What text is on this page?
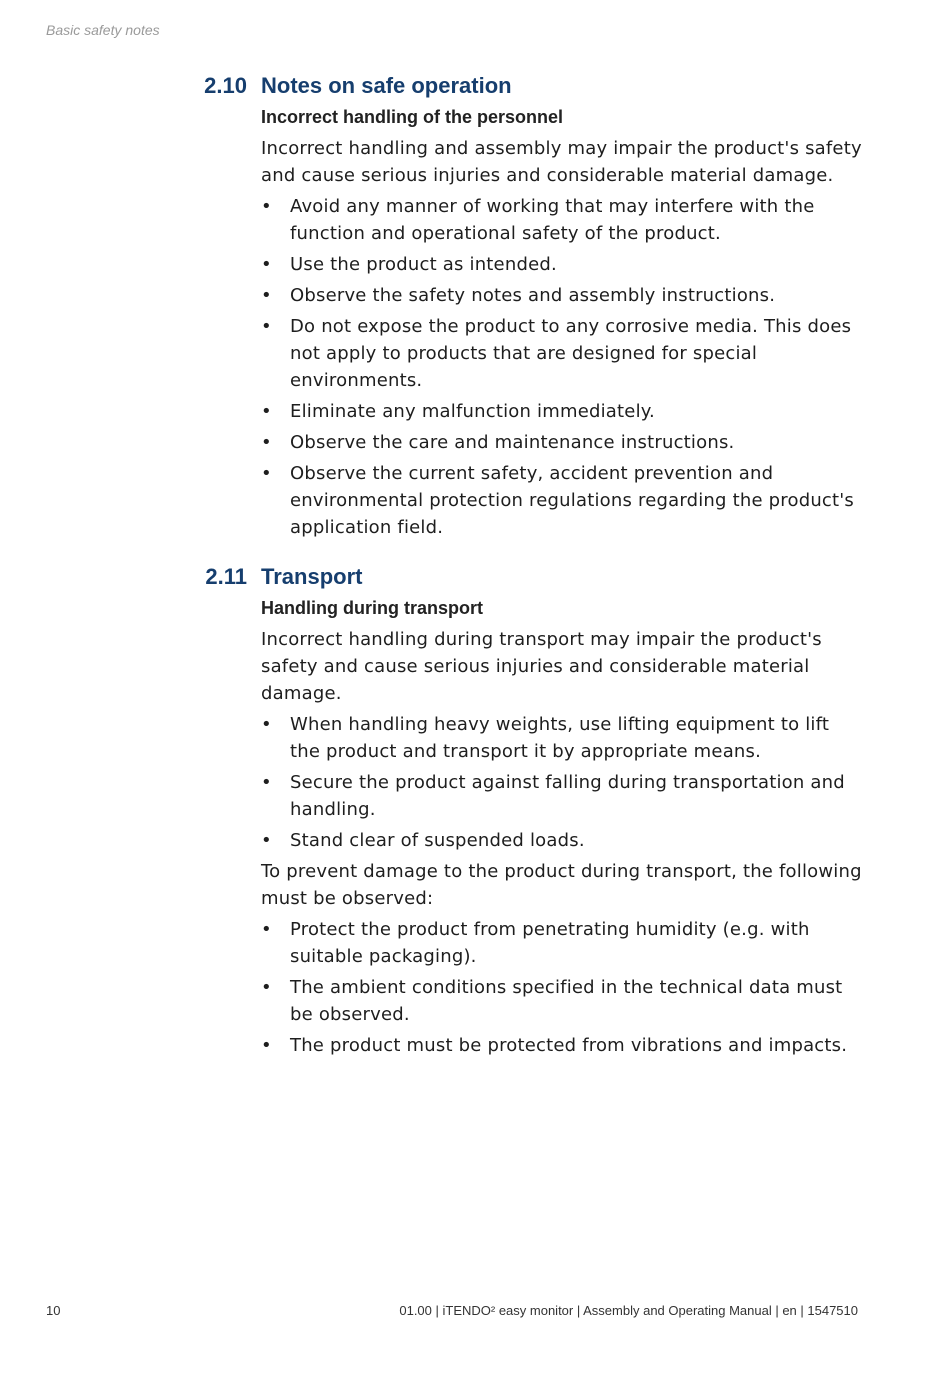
Basic safety notes
2.10 Notes on safe operation
Incorrect handling of the personnel

Incorrect handling and assembly may impair the product's safety and cause serious injuries and considerable material damage.

• Avoid any manner of working that may interfere with the function and operational safety of the product.
• Use the product as intended.
• Observe the safety notes and assembly instructions.
• Do not expose the product to any corrosive media. This does not apply to products that are designed for special environments.
• Eliminate any malfunction immediately.
• Observe the care and maintenance instructions.
• Observe the current safety, accident prevention and environmental protection regulations regarding the product's application field.
2.11 Transport
Handling during transport

Incorrect handling during transport may impair the product's safety and cause serious injuries and considerable material damage.

• When handling heavy weights, use lifting equipment to lift the product and transport it by appropriate means.
• Secure the product against falling during transportation and handling.
• Stand clear of suspended loads.

To prevent damage to the product during transport, the following must be observed:

• Protect the product from penetrating humidity (e.g. with suitable packaging).
• The ambient conditions specified in the technical data must be observed.
• The product must be protected from vibrations and impacts.
10	01.00 | iTENDO² easy monitor | Assembly and Operating Manual | en | 1547510
